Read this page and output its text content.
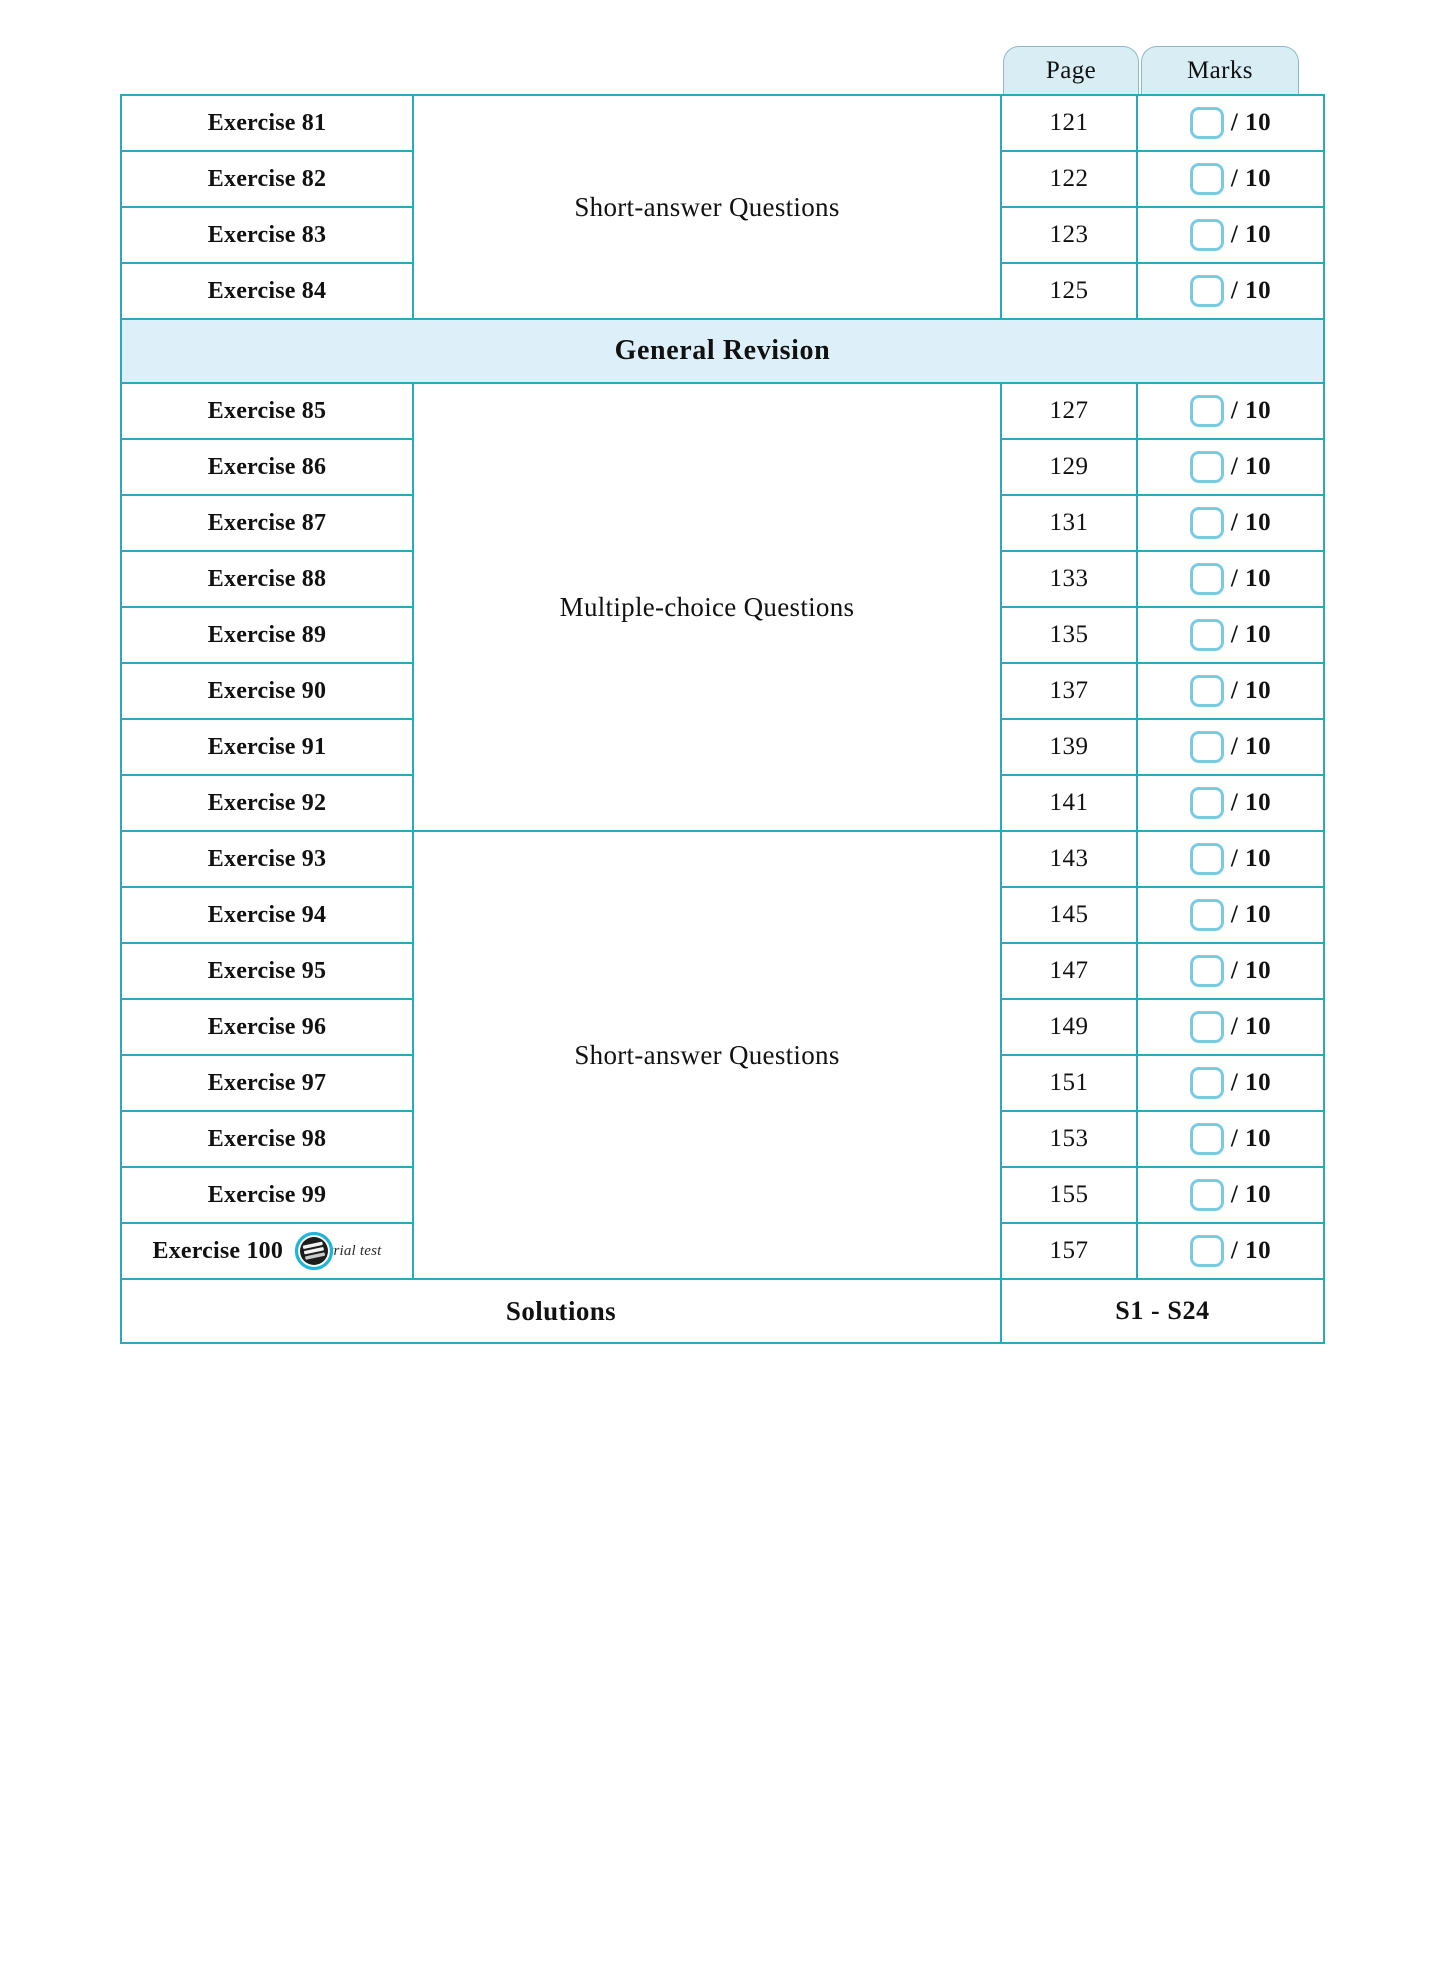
Page	Marks
Exercise 81	Short-answer Questions	121	/ 10

Exercise 82		122	/ 10

Exercise 83		123	/ 10

Exercise 84		125	/ 10

General Revision			
Exercise 85	Multiple-choice Questions	127	/ 10

Exercise 86		129	/ 10

Exercise 87		131	/ 10

Exercise 88		133	/ 10

Exercise 89		135	/ 10

Exercise 90		137	/ 10

Exercise 91		139	/ 10

Exercise 92		141	/ 10

Exercise 93	Short-answer Questions	143	/ 10

Exercise 94		145	/ 10

Exercise 95		147	/ 10

Exercise 96		149	/ 10

Exercise 97		151	/ 10

Exercise 98		153	/ 10

Exercise 99		155	/ 10

Exercise 100 trial test		157	/ 10

Solutions		S1 - S24	
